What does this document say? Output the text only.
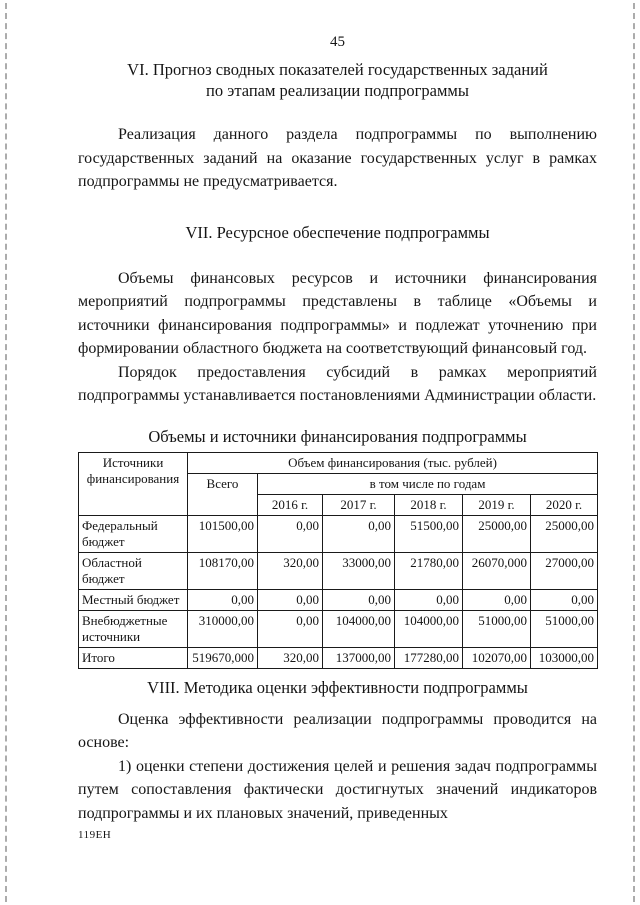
45
VI. Прогноз сводных показателей государственных заданий
по этапам реализации подпрограммы

Реализация данного раздела подпрограммы по выполнению государственных заданий на оказание государственных услуг в рамках подпрограммы не предусматривается.

VII. Ресурсное обеспечение подпрограммы

Объемы финансовых ресурсов и источники финансирования мероприятий подпрограммы представлены в таблице «Объемы и источники финансирования подпрограммы» и подлежат уточнению при формировании областного бюджета на соответствующий финансовый год.

Порядок предоставления субсидий в рамках мероприятий подпрограммы устанавливается постановлениями Администрации области.

Объемы и источники финансирования подпрограммы
Источники финансирования	Объем финансирования (тыс. рублей)					
	Всего	в том числе по годам				
		2016 г.	2017 г.	2018 г.	2019 г.	2020 г.
Федеральный бюджет	101500,00	0,00	0,00	51500,00	25000,00	25000,00
Областной бюджет	108170,00	320,00	33000,00	21780,00	26070,000	27000,00
Местный бюджет	0,00	0,00	0,00	0,00	0,00	0,00
Внебюджетные источники	310000,00	0,00	104000,00	104000,00	51000,00	51000,00
Итого	519670,000	320,00	137000,00	177280,00	102070,00	103000,00
VIII. Методика оценки эффективности подпрограммы

Оценка эффективности реализации подпрограммы проводится на основе:

1) оценки степени достижения целей и решения задач подпрограммы путем сопоставления фактически достигнутых значений индикаторов подпрограммы и их плановых значений, приведенных

119ЕН
